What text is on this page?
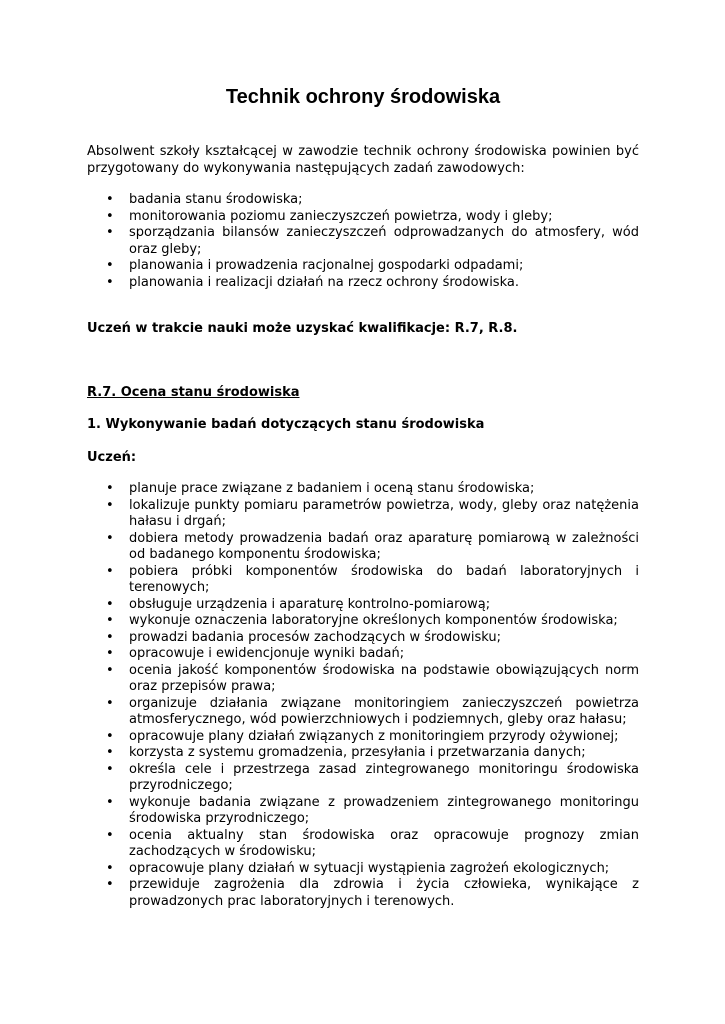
Technik ochrony środowiska

Absolwent szkoły kształcącej w zawodzie technik ochrony środowiska powinien być przygotowany do wykonywania następujących zadań zawodowych:

• badania stanu środowiska;
• monitorowania poziomu zanieczyszczeń powietrza, wody i gleby;
• sporządzania bilansów zanieczyszczeń odprowadzanych do atmosfery, wód oraz gleby;
• planowania i prowadzenia racjonalnej gospodarki odpadami;
• planowania i realizacji działań na rzecz ochrony środowiska.

Uczeń w trakcie nauki może uzyskać kwalifikacje: R.7, R.8.

R.7. Ocena stanu środowiska

1. Wykonywanie badań dotyczących stanu środowiska

Uczeń:

• planuje prace związane z badaniem i oceną stanu środowiska;
• lokalizuje punkty pomiaru parametrów powietrza, wody, gleby oraz natężenia hałasu i drgań;
• dobiera metody prowadzenia badań oraz aparaturę pomiarową w zależności od badanego komponentu środowiska;
• pobiera próbki komponentów środowiska do badań laboratoryjnych i terenowych;
• obsługuje urządzenia i aparaturę kontrolno-pomiarową;
• wykonuje oznaczenia laboratoryjne określonych komponentów środowiska;
• prowadzi badania procesów zachodzących w środowisku;
• opracowuje i ewidencjonuje wyniki badań;
• ocenia jakość komponentów środowiska na podstawie obowiązujących norm oraz przepisów prawa;
• organizuje działania związane monitoringiem zanieczyszczeń powietrza atmosferycznego, wód powierzchniowych i podziemnych, gleby oraz hałasu;
• opracowuje plany działań związanych z monitoringiem przyrody ożywionej;
• korzysta z systemu gromadzenia, przesyłania i przetwarzania danych;
• określa cele i przestrzega zasad zintegrowanego monitoringu środowiska przyrodniczego;
• wykonuje badania związane z prowadzeniem zintegrowanego monitoringu środowiska przyrodniczego;
• ocenia aktualny stan środowiska oraz opracowuje prognozy zmian zachodzących w środowisku;
• opracowuje plany działań w sytuacji wystąpienia zagrożeń ekologicznych;
• przewiduje zagrożenia dla zdrowia i życia człowieka, wynikające z prowadzonych prac laboratoryjnych i terenowych.
